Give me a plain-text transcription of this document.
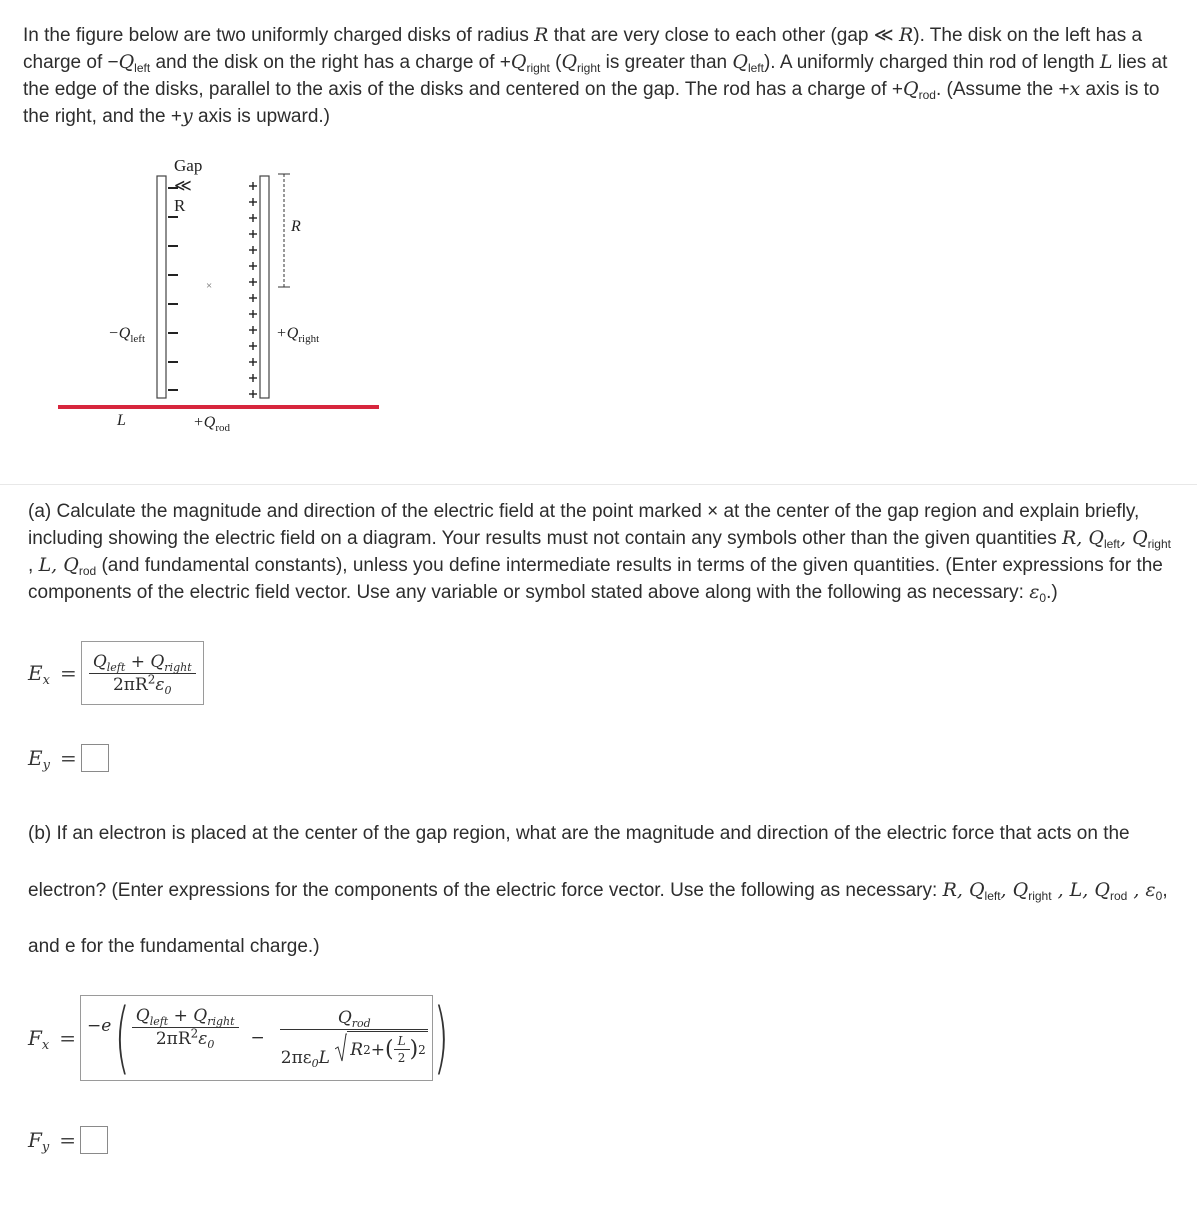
In the figure below are two uniformly charged disks of radius R that are very close to each other (gap ≪ R). The disk on the left has a charge of $-Q_{left}$ and the disk on the right has a charge of $+Q_{right}$ ($Q_{right}$ is greater than $Q_{left}$). A uniformly charged thin rod of length L lies at the edge of the disks, parallel to the axis of the disks and centered on the gap. The rod has a charge of $+Q_{rod}$. (Assume the +x axis is to the right, and the +y axis is upward.)

Gap ≪ R
R
×
$-Q_{left}$	$+Q_{right}$
L	$+Q_{rod}$

(a) Calculate the magnitude and direction of the electric field at the point marked × at the center of the gap region and explain briefly, including showing the electric field on a diagram. Your results must not contain any symbols other than the given quantities R, $Q_{left}$, $Q_{right}$ , L, $Q_{rod}$ (and fundamental constants), unless you define intermediate results in terms of the given quantities. (Enter expressions for the components of the electric field vector. Use any variable or symbol stated above along with the following as necessary: $\varepsilon_0$.)

$E_x = \frac{Q_{left} + Q_{right}}{2\pi R^2\varepsilon_0}$
$E_y$ =

(b) If an electron is placed at the center of the gap region, what are the magnitude and direction of the electric force that acts on the

electron? (Enter expressions for the components of the electric force vector. Use the following as necessary: R, $Q_{left}$, $Q_{right}$ , L, $Q_{rod}$ , $\varepsilon_0$,

and e for the fundamental charge.)

$F_x = -e$ ( $\frac{Q_{left} + Q_{right}}{2\pi R^2\varepsilon_0} - \frac{Q_{rod}}{2\pi\varepsilon_0L R 2 + ( \frac{L}{2} ) 2}$ )
$F_y$ =
